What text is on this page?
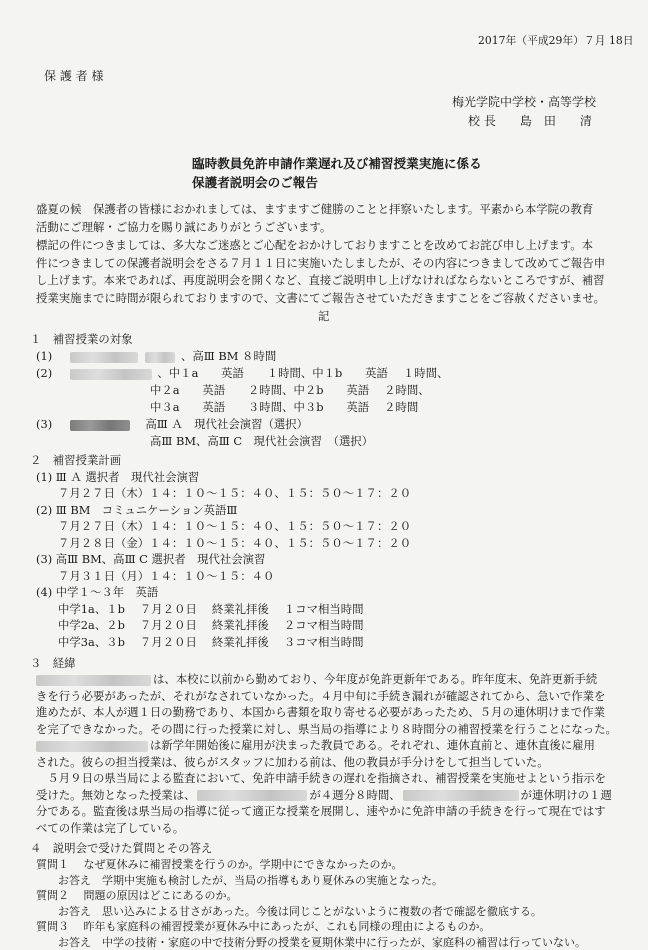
2017年（平成29年）７月 18日
保 護 者 様
梅光学院中学校・高等学校
校 長　　島　田　　清
臨時教員免許申請作業遅れ及び補習授業実施に係る
保護者説明会のご報告
盛夏の候　保護者の皆様におかれましては、ますますご健勝のことと拝察いたします。平素から本学院の教育
活動にご理解・ご協力を賜り誠にありがとうございます。
標記の件につきましては、多大なご迷惑とご心配をおかけしておりますことを改めてお詫び申し上げます。本
件につきましての保護者説明会をさる７月１１日に実施いたしましたが、その内容につきまして改めてご報告申
し上げます。本来であれば、再度説明会を開くなど、直接ご説明申し上げなければならないところですが、補習
授業実施までに時間が限られておりますので、文書にてご報告させていただきますことをご容赦くださいませ。
記
１　補習授業の対象
(1)	、高Ⅲ BM ８時間
(2)	、中１a　　英語　　１時間、中１b　　英語　 １時間、
中２a　　英語　　２時間、中２b　　英語　 ２時間、
中３a　　英語　　３時間、中３b　　英語　 ２時間
(3)	高Ⅲ Ａ　現代社会演習（選択）
高Ⅲ BM、高Ⅲ C　現代社会演習　（選択）
２　補習授業計画
(1) Ⅲ Ａ 選択者　現代社会演習
７月２７日（木）１４：１０〜１５：４０、１５：５０〜１７：２０
(2) Ⅲ BM　コミュニケーション英語Ⅲ
７月２７日（木）１４：１０〜１５：４０、１５：５０〜１７：２０
７月２８日（金）１４：１０〜１５：４０、１５：５０〜１７：２０
(3) 高Ⅲ BM、高Ⅲ C 選択者　現代社会演習
７月３１日（月）１４：１０〜１５：４０
(4) 中学１〜３年　英語
中学1a、１b　 ７月２０日　 終業礼拝後　 １コマ相当時間
中学2a、２b　 ７月２０日　 終業礼拝後　 ２コマ相当時間
中学3a、３b　 ７月２０日　 終業礼拝後　 ３コマ相当時間
３　経緯
は、本校に以前から勤めており、今年度が免許更新年である。昨年度末、免許更新手続
きを行う必要があったが、それがなされていなかった。４月中旬に手続き漏れが確認されてから、急いで作業を
進めたが、本人が週１日の勤務であり、本国から書類を取り寄せる必要があったため、５月の連休明けまで作業
を完了できなかった。その間に行った授業に対し、県当局の指導により８時間分の補習授業を行うことになった。
は新学年開始後に雇用が決まった教員である。それぞれ、連休直前と、連休直後に雇用
された。彼らの担当授業は、彼らがスタッフに加わる前は、他の教員が手分けをして担当していた。
５月９日の県当局による監査において、免許申請手続きの遅れを指摘され、補習授業を実施せよという指示を
受けた。無効となった授業は、	が４週分８時間、	が連休明けの１週
分である。監査後は県当局の指導に従って適正な授業を展開し、速やかに免許申請の手続きを行って現在ではす
べての作業は完了している。
４　説明会で受けた質問とその答え
質問１　 なぜ夏休みに補習授業を行うのか。学期中にできなかったのか。
お答え　学期中実施も検討したが、当局の指導もあり夏休みの実施となった。
質問２　 問題の原因はどこにあるのか。
お答え　思い込みによる甘さがあった。今後は同じことがないように複数の者で確認を徹底する。
質問３　 昨年も家庭科の補習授業が夏休み中にあったが、これも同様の理由によるものか。
お答え　中学の技術・家庭の中で技術分野の授業を夏期休業中に行ったが、家庭科の補習は行っていない。
